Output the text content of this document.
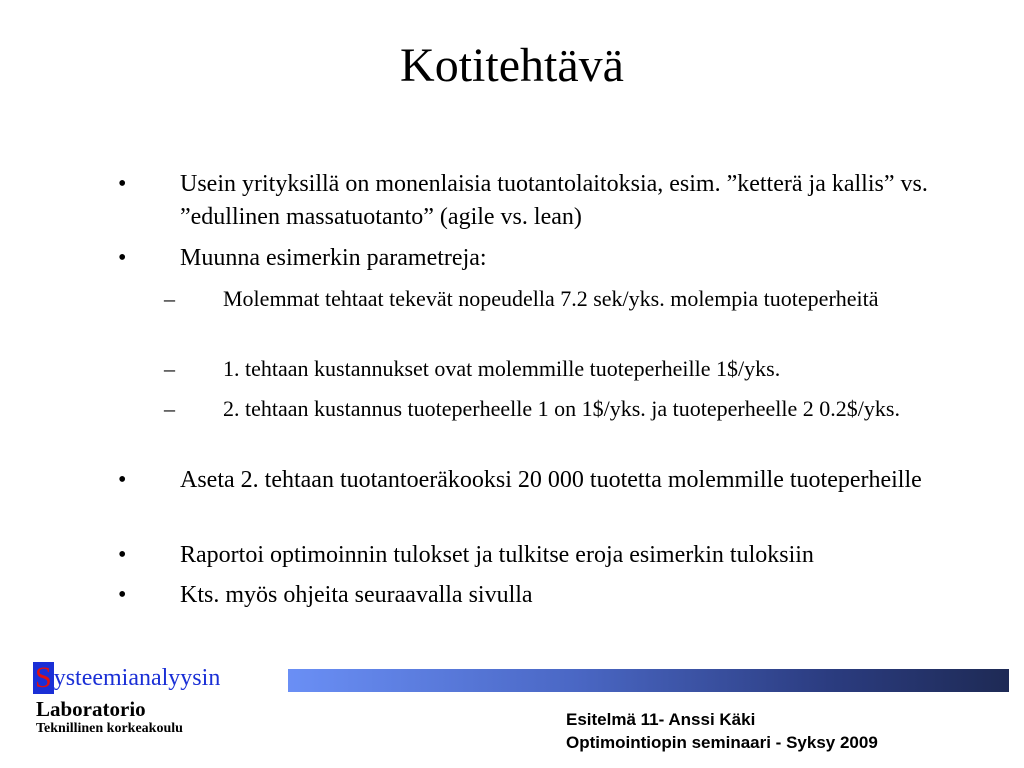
Kotitehtävä
• Usein yrityksillä on monenlaisia tuotantolaitoksia, esim. ”ketterä ja kallis” vs. ”edullinen massatuotanto” (agile vs. lean)
• Muunna esimerkin parametreja:
– Molemmat tehtaat tekevät nopeudella 7.2 sek/yks. molempia tuoteperheitä
– 1. tehtaan kustannukset ovat molemmille tuoteperheille 1$/yks.
– 2. tehtaan kustannus tuoteperheelle 1 on 1$/yks. ja tuoteperheelle 2 0.2$/yks.
• Aseta 2. tehtaan tuotantoeräkooksi 20 000 tuotetta molemmille tuoteperheille
• Raportoi optimoinnin tulokset ja tulkitse eroja esimerkin tuloksiin
• Kts. myös ohjeita seuraavalla sivulla
Systeemianalyysin
Laboratorio
Teknillinen korkeakoulu	Esitelmä 11- Anssi Käki
Optimointiopin seminaari - Syksy 2009
